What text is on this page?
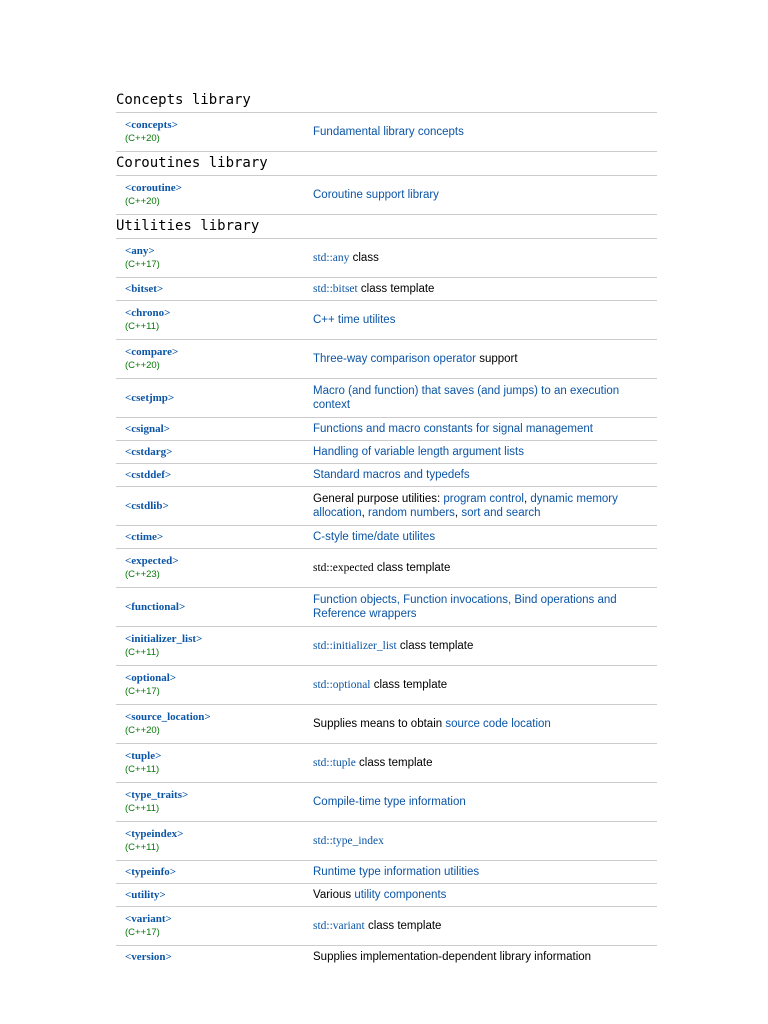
Concepts library
<concepts>
(C++20)
	Fundamental library concepts
Coroutines library
<coroutine>
(C++20)
	Coroutine support library
Utilities library
<any>
(C++17)	std::any class

<bitset>	std::bitset class template

<chrono>
(C++11)	C++ time utilites

<compare>
(C++20)	Three-way comparison operator support

<csetjmp>	Macro (and function) that saves (and jumps) to an execution context

<csignal>	Functions and macro constants for signal management

<cstdarg>	Handling of variable length argument lists

<cstddef>	Standard macros and typedefs

<cstdlib>	General purpose utilities: program control, dynamic memory allocation, random numbers, sort and search

<ctime>	C-style time/date utilites

<expected>
(C++23)	std::expected class template

<functional>	Function objects, Function invocations, Bind operations and Reference wrappers

<initializer_list>
(C++11)	std::initializer_list class template

<optional>
(C++17)	std::optional class template

<source_location>
(C++20)	Supplies means to obtain source code location

<tuple>
(C++11)	std::tuple class template

<type_traits>
(C++11)	Compile-time type information

<typeindex>
(C++11)	std::type_index

<typeinfo>	Runtime type information utilities

<utility>	Various utility components

<variant>
(C++17)	std::variant class template

<version>	Supplies implementation-dependent library information
